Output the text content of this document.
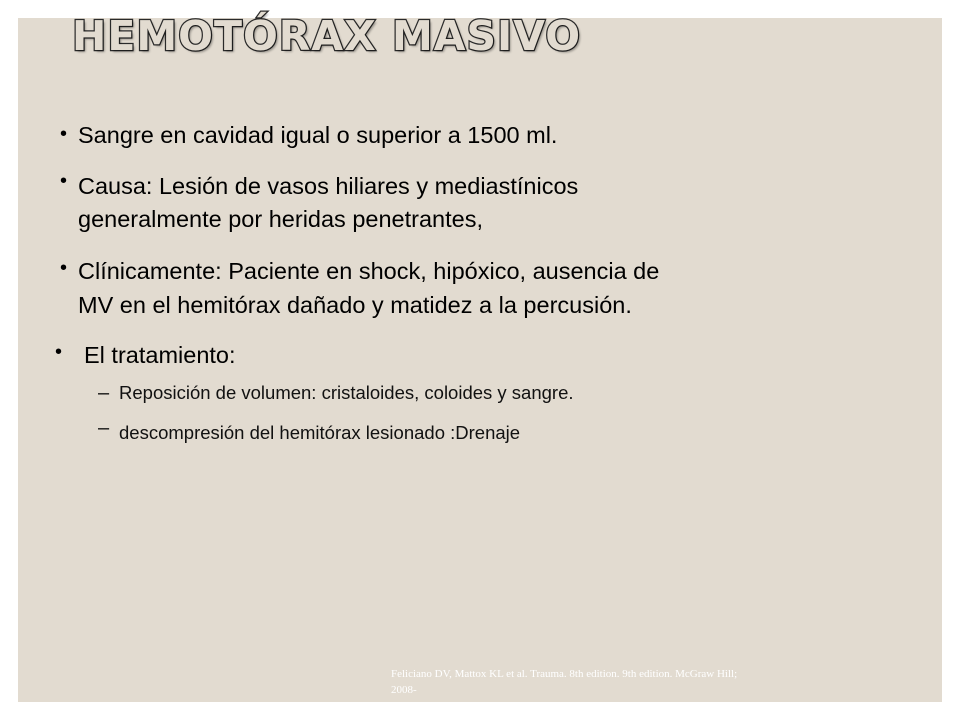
HEMOTÓRAX MASIVO
• Sangre en cavidad igual o superior a 1500 ml.
• Causa: Lesión de vasos hiliares y mediastínicos
generalmente por heridas penetrantes,
• Clínicamente: Paciente en shock, hipóxico, ausencia de
MV en el hemitórax dañado y matidez a la percusión.
• El tratamiento:
– Reposición de volumen: cristaloides, coloides y sangre.
– descompresión del hemitórax lesionado :Drenaje
Feliciano DV, Mattox KL et al. Trauma. 8th edition. 9th edition. McGraw Hill;
2008-
